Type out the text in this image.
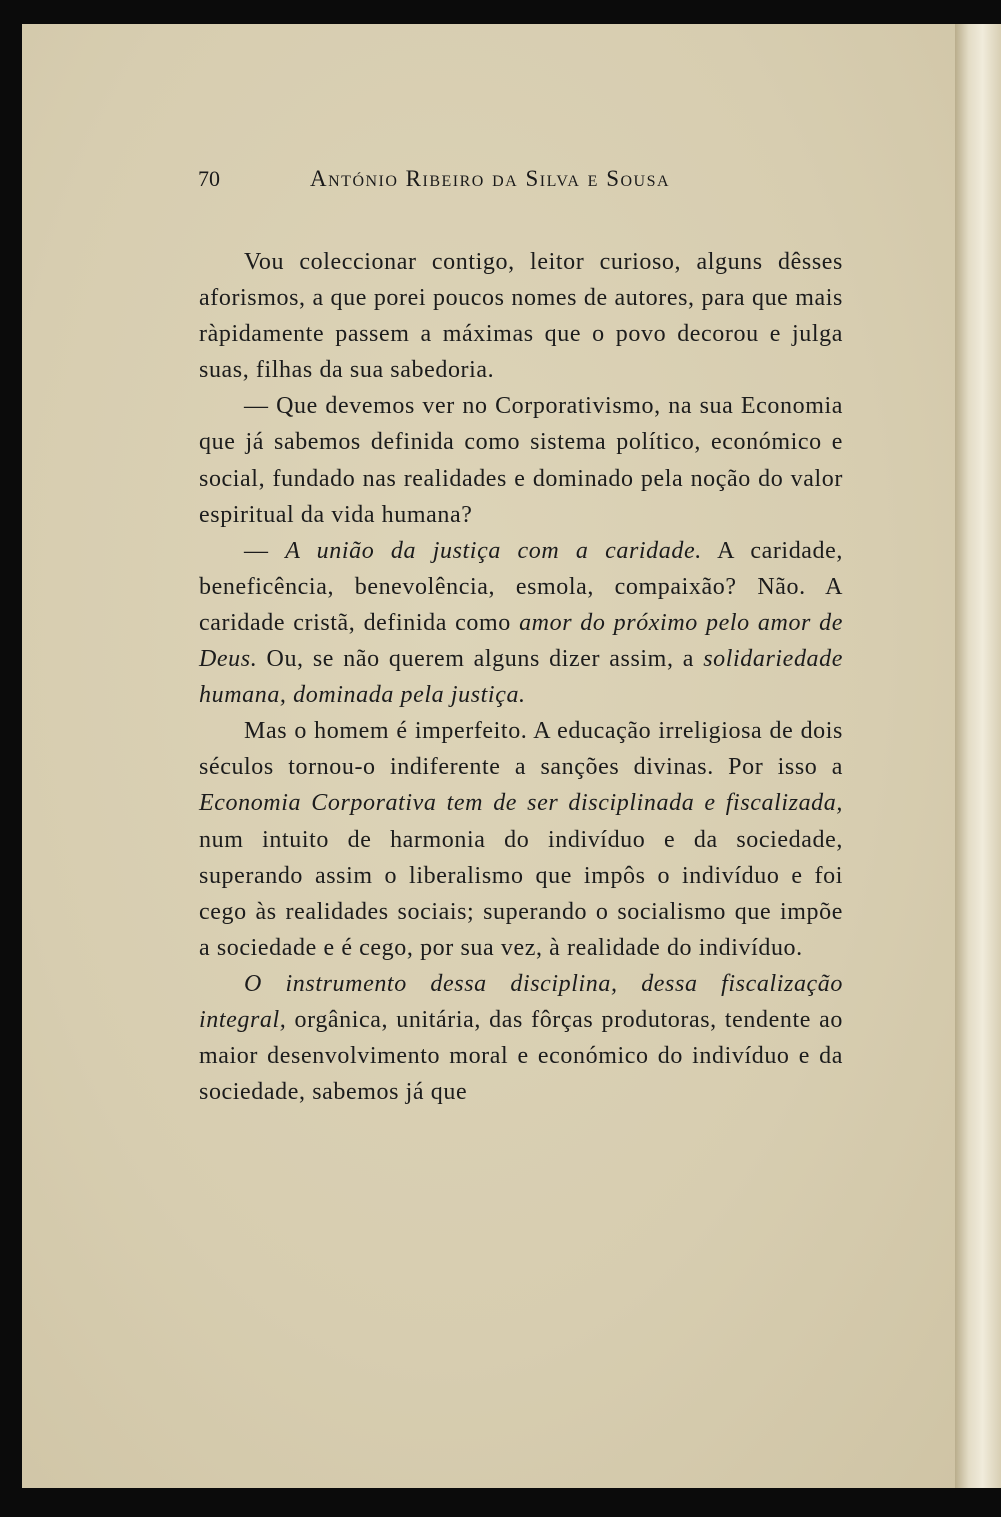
70	António Ribeiro da Silva e Sousa

Vou coleccionar contigo, leitor curioso, alguns dêsses aforismos, a que porei poucos nomes de autores, para que mais ràpidamente passem a máximas que o povo decorou e julga suas, filhas da sua sabedoria.

— Que devemos ver no Corporativismo, na sua Economia que já sabemos definida como sistema político, económico e social, fundado nas realidades e dominado pela noção do valor espiritual da vida humana?

— A união da justiça com a caridade. A caridade, beneficência, benevolência, esmola, compaixão? Não. A caridade cristã, definida como amor do próximo pelo amor de Deus. Ou, se não querem alguns dizer assim, a solidariedade humana, dominada pela justiça.

Mas o homem é imperfeito. A educação irreligiosa de dois séculos tornou-o indiferente a sanções divinas. Por isso a Economia Corporativa tem de ser disciplinada e fiscalizada, num intuito de harmonia do indivíduo e da sociedade, superando assim o liberalismo que impôs o indivíduo e foi cego às realidades sociais; superando o socialismo que impõe a sociedade e é cego, por sua vez, à realidade do indivíduo.

O instrumento dessa disciplina, dessa fiscalização integral, orgânica, unitária, das fôrças produtoras, tendente ao maior desenvolvimento moral e económico do indivíduo e da sociedade, sabemos já que
